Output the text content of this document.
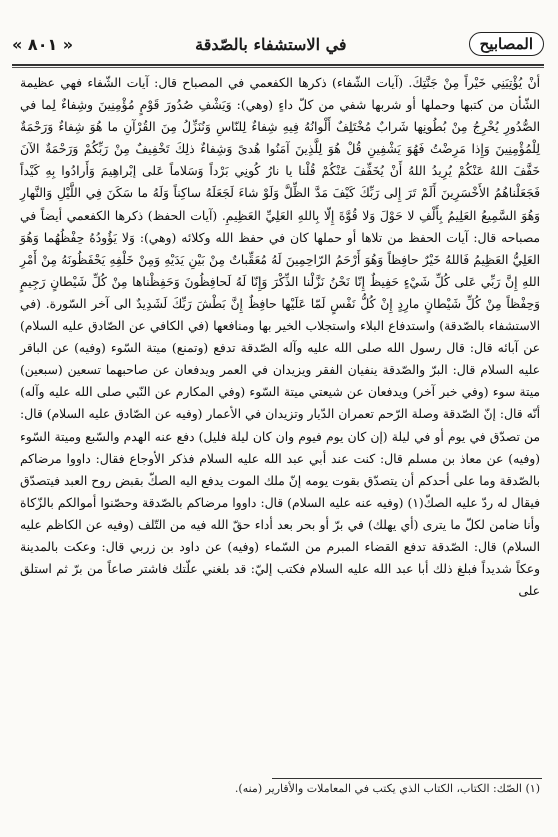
المصابيح
في الاستشفاء بالصّدقة
« ٨٠١ »

أنْ يُؤْتِيَنِي خَيْراً مِنْ جَنَّتِكَ. (آيات الشّفاء) ذكرها الكفعمي في المصباح قال: آيات الشّفاء فهي عظيمة الشّأن من كتبها وحملها أو شربها شفي من كلّ داءٍ (وهي): وَيَشْفِ صُدُورَ قَوْمٍ مُؤْمِنِينَ وشِفاءٌ لِما في الصُّدُورِ يُخْرِجُ مِنْ بُطُونِها شَرابٌ مُخْتَلِفٌ أَلْوانُهُ فِيهِ شِفاءٌ لِلنّاسِ وَنُنَزِّلُ مِنَ القُرْآنِ ما هُوَ شِفاءٌ وَرَحْمَةٌ لِلْمُؤْمِنِينَ وَإِذا مَرِضْتُ فَهُوَ يَشْفِينِ قُلْ هُوَ لِلَّذِينَ آمَنُوا هُدىً وَشِفاءٌ ذلِكَ تَخْفِيفٌ مِنْ رَبِّكُمْ وَرَحْمَةٌ الآنَ خَفَّفَ اللهُ عَنْكُمْ يُرِيدُ اللهُ أَنْ يُخَفِّفَ عَنْكُمْ قُلْنا يا نارُ كُونِي بَرْداً وَسَلاماً عَلى إبْراهِيمَ وَأَرادُوا بِهِ كَيْداً فَجَعَلْناهُمُ الأَخْسَرِينَ أَلَمْ تَرَ إِلى رَبِّكَ كَيْفَ مَدَّ الظِّلَّ وَلَوْ شاءَ لَجَعَلَهُ ساكِناً وَلَهُ ما سَكَنَ فِي اللَّيْلِ وَالنَّهارِ وَهُوَ السَّمِيعُ العَلِيمُ بِأَلْفِ لا حَوْلَ وَلا قُوَّةَ إِلّا بِاللهِ العَلِيِّ العَظِيمِ. (آيات الحفظ) ذكرها الكفعمي أيضاً في مصباحه قال: آيات الحفظ من تلاها أو حملها كان في حفظ الله وكلائه (وهي): وَلا يَؤُودُهُ حِفْظُهُما وَهُوَ العَلِيُّ العَظِيمُ فَاللهُ خَيْرٌ حافِظاً وَهُوَ أَرْحَمُ الرّاحِمِينَ لَهُ مُعَقِّباتٌ مِنْ بَيْنِ يَدَيْهِ وَمِنْ خَلْفِهِ يَحْفَظُونَهُ مِنْ أَمْرِ اللهِ إِنَّ رَبِّي عَلى كُلِّ شَيْءٍ حَفِيظٌ إِنّا نَحْنُ نَزَّلْنا الذِّكْرَ وَإِنّا لَهُ لَحافِظُونَ وَحَفِظْناها مِنْ كُلِّ شَيْطانٍ رَجِيمٍ وَحِفْظاً مِنْ كُلِّ شَيْطانٍ مارِدٍ إِنْ كُلُّ نَفْسٍ لَمّا عَلَيْها حافِظٌ إِنَّ بَطْشَ رَبِّكَ لَشَدِيدٌ الى آخر السّورة. (في الاستشفاء بالصّدقة) واستدفاع البلاء واستجلاب الخير بها ومنافعها (في الكافي عن الصّادق عليه السلام) عن آبائه قال: قال رسول الله صلى الله عليه وآله الصّدقة تدفع (وتمنع) ميتة السّوء (وفيه) عن الباقر عليه السلام قال: البرّ والصّدقة ينفيان الفقر ويزيدان في العمر ويدفعان عن صاحبهما تسعين (سبعين) ميتة سوء (وفي خبر آخر) ويدفعان عن شيعتي ميتة السّوء (وفي المكارم عن النّبي صلى الله عليه وآله) أنّه قال: إنّ الصّدقة وصلة الرّحم تعمران الدّيار وتزيدان في الأعمار (وفيه عن الصّادق عليه السلام) قال: من تصدّق في يوم أو في ليلة (إن كان يوم فيوم وان كان ليلة فليل) دفع عنه الهدم والسّبع وميتة السّوء (وفيه) عن معاذ بن مسلم قال: كنت عند أبي عبد الله عليه السلام فذكر الأوجاع فقال: داووا مرضاكم بالصّدقة وما على أحدكم أن يتصدّق بقوت يومه إنّ ملك الموت يدفع اليه الصكّ بقبض روح العبد فيتصدّق فيقال له ردّ عليه الصكّ(١) (وفيه عنه عليه السلام) قال: داووا مرضاكم بالصّدقة وحصّنوا أموالكم بالزّكاة وأنا ضامن لكلّ ما يترى (أي يهلك) في برّ أو بحر بعد أداء حقّ الله فيه من التّلف (وفيه عن الكاظم عليه السلام) قال: الصّدقة تدفع القضاء المبرم من السّماء (وفيه) عن داود بن زربي قال: وعكت بالمدينة وعكاً شديداً فبلغ ذلك أبا عبد الله عليه السلام فكتب إليّ: قد بلغني علّتك فاشتر صاعاً من برّ ثم استلق على

(١) الصّك: الكتاب، الكتاب الذي يكتب في المعاملات والأقارير (منه).
